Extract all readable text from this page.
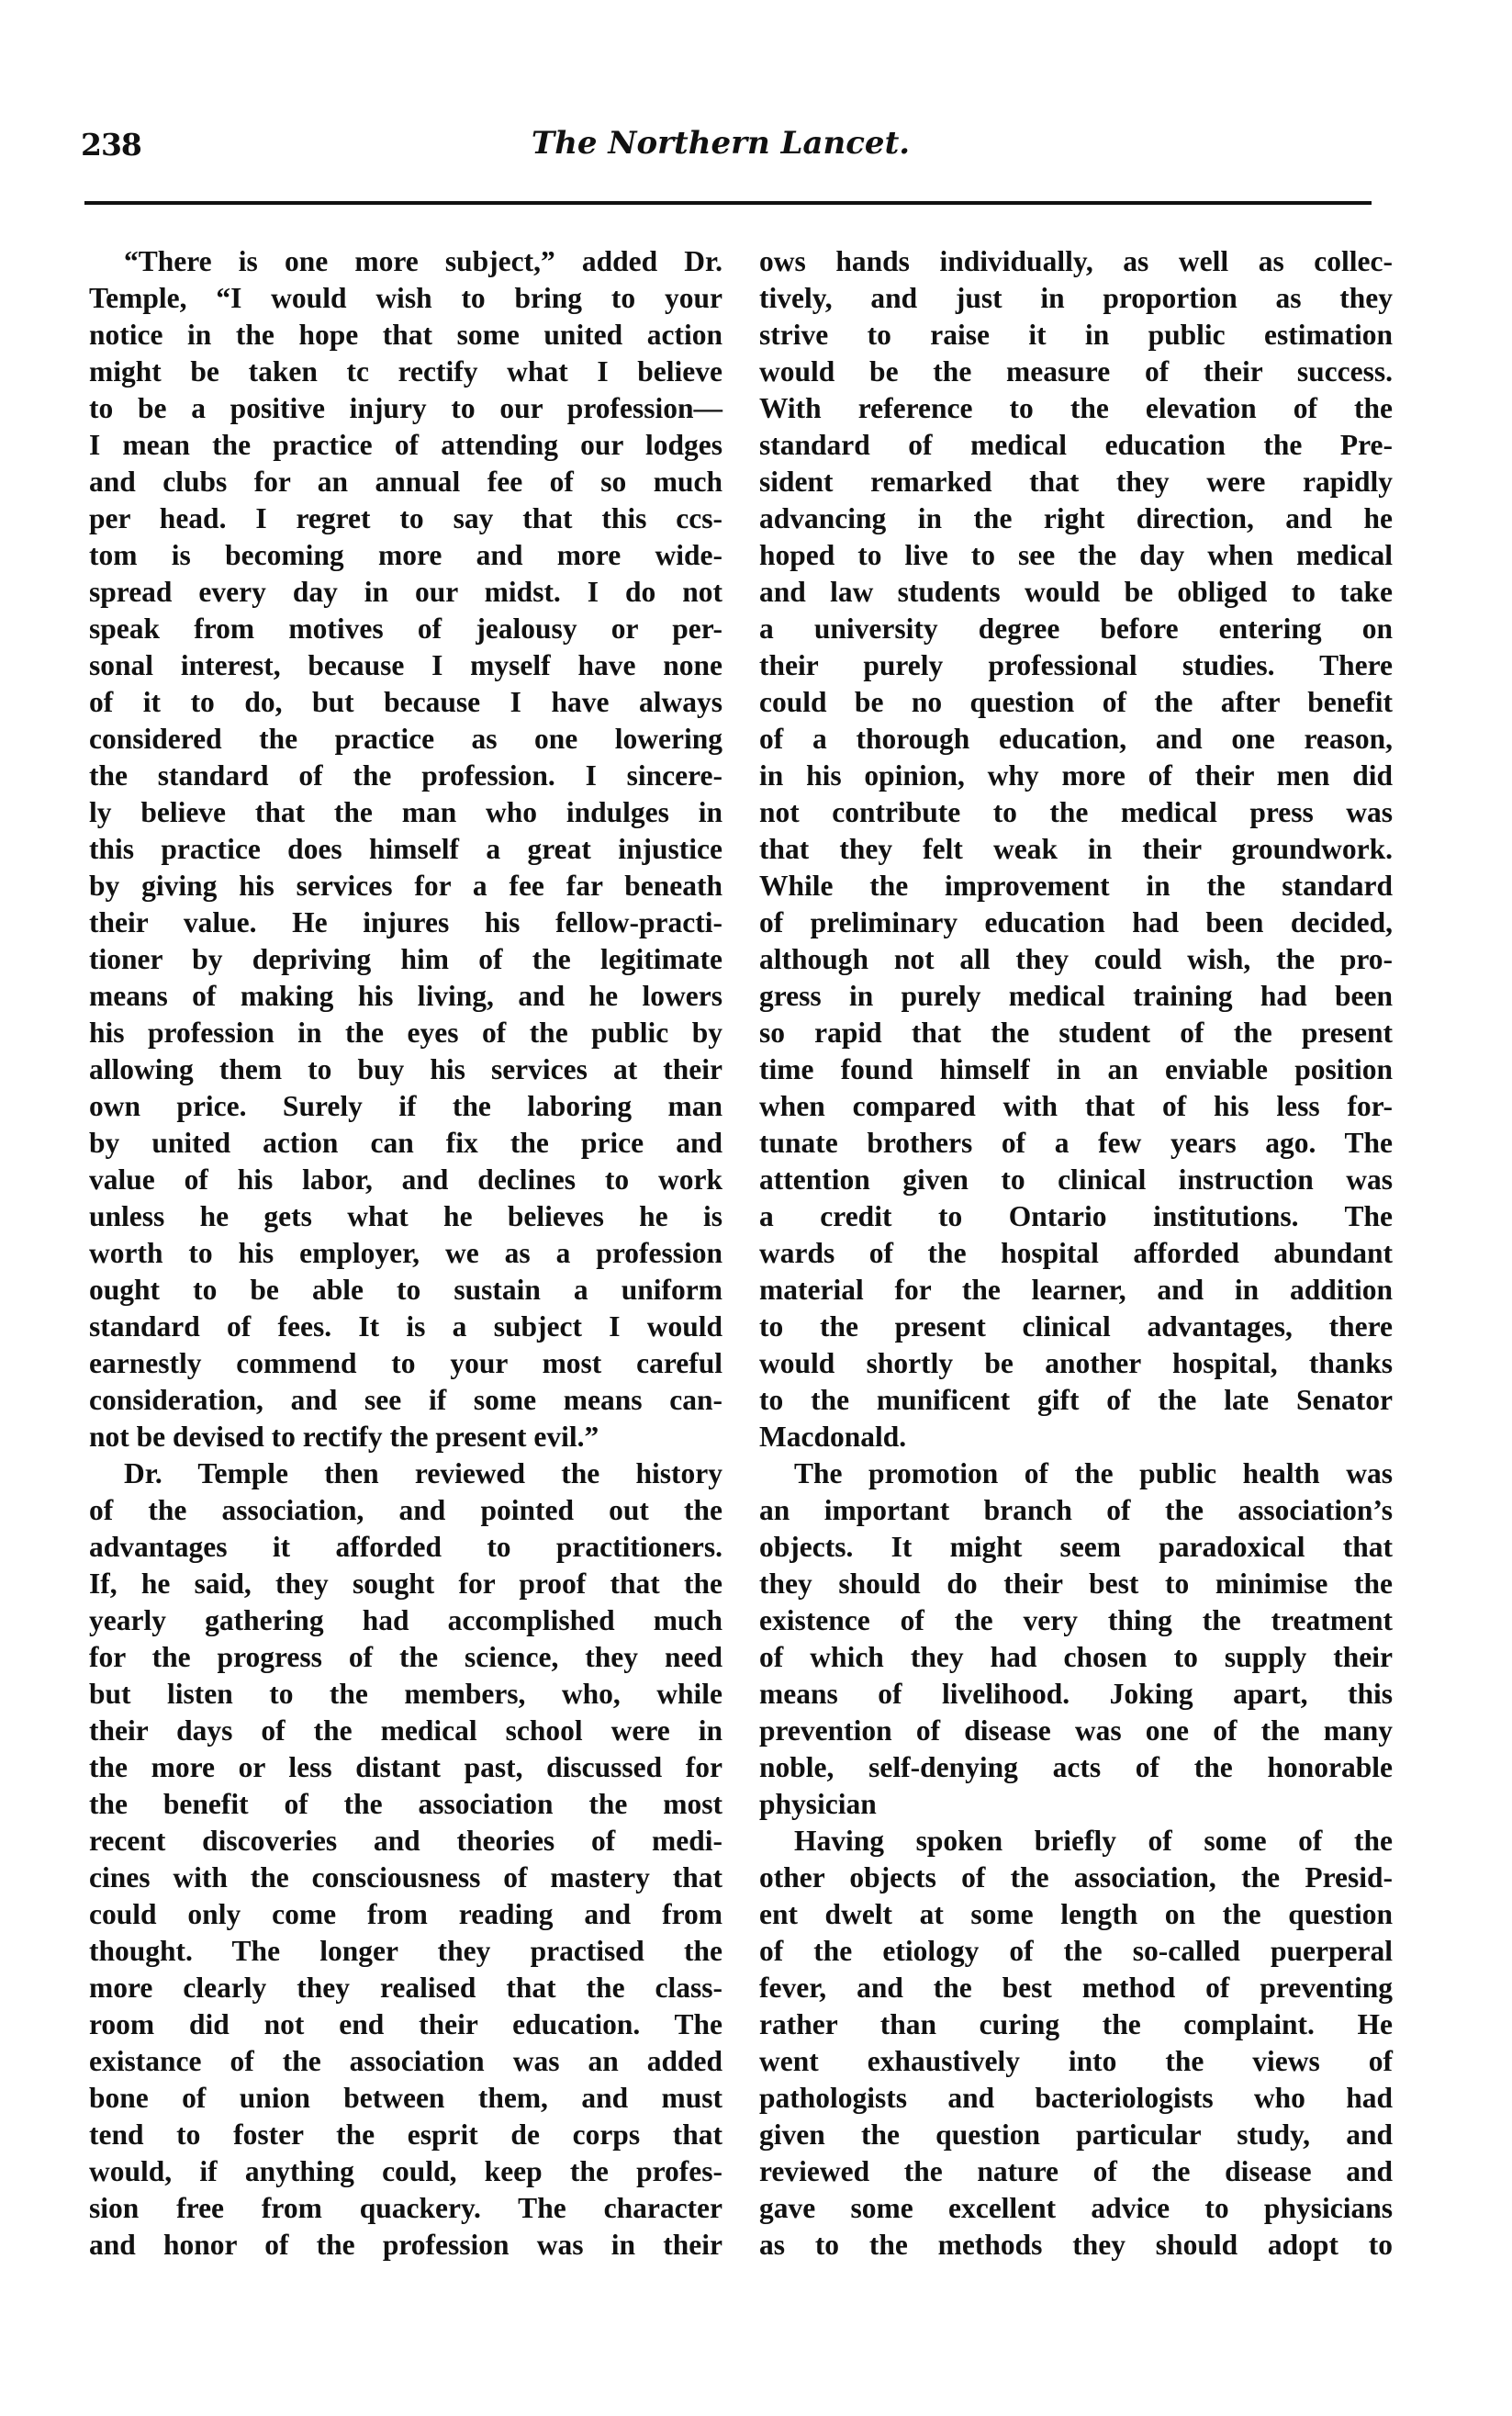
238	The Northern Lancet.
“There is one more subject,” added Dr.
Temple, “I would wish to bring to your
notice in the hope that some united action
might be taken tc rectify what I believe
to be a positive injury to our profession—
I mean the practice of attending our lodges
and clubs for an annual fee of so much
per head. I regret to say that this ccs-
tom is becoming more and more wide-
spread every day in our midst. I do not
speak from motives of jealousy or per-
sonal interest, because I myself have none
of it to do, but because I have always
considered the practice as one lowering
the standard of the profession. I sincere-
ly believe that the man who indulges in
this practice does himself a great injustice
by giving his services for a fee far beneath
their value. He injures his fellow-practi-
tioner by depriving him of the legitimate
means of making his living, and he lowers
his profession in the eyes of the public by
allowing them to buy his services at their
own price. Surely if the laboring man
by united action can fix the price and
value of his labor, and declines to work
unless he gets what he believes he is
worth to his employer, we as a profession
ought to be able to sustain a uniform
standard of fees. It is a subject I would
earnestly commend to your most careful
consideration, and see if some means can-
not be devised to rectify the present evil.”
Dr. Temple then reviewed the history
of the association, and pointed out the
advantages it afforded to practitioners.
If, he said, they sought for proof that the
yearly gathering had accomplished much
for the progress of the science, they need
but listen to the members, who, while
their days of the medical school were in
the more or less distant past, discussed for
the benefit of the association the most
recent discoveries and theories of medi-
cines with the consciousness of mastery that
could only come from reading and from
thought. The longer they practised the
more clearly they realised that the class-
room did not end their education. The
existance of the association was an added
bone of union between them, and must
tend to foster the esprit de corps that
would, if anything could, keep the profes-
sion free from quackery. The character
and honor of the profession was in their
ows hands individually, as well as collec-
tively, and just in proportion as they
strive to raise it in public estimation
would be the measure of their success.
With reference to the elevation of the
standard of medical education the Pre-
sident remarked that they were rapidly
advancing in the right direction, and he
hoped to live to see the day when medical
and law students would be obliged to take
a university degree before entering on
their purely professional studies. There
could be no question of the after benefit
of a thorough education, and one reason,
in his opinion, why more of their men did
not contribute to the medical press was
that they felt weak in their groundwork.
While the improvement in the standard
of preliminary education had been decided,
although not all they could wish, the pro-
gress in purely medical training had been
so rapid that the student of the present
time found himself in an enviable position
when compared with that of his less for-
tunate brothers of a few years ago. The
attention given to clinical instruction was
a credit to Ontario institutions. The
wards of the hospital afforded abundant
material for the learner, and in addition
to the present clinical advantages, there
would shortly be another hospital, thanks
to the munificent gift of the late Senator
Macdonald.
The promotion of the public health was
an important branch of the association’s
objects. It might seem paradoxical that
they should do their best to minimise the
existence of the very thing the treatment
of which they had chosen to supply their
means of livelihood. Joking apart, this
prevention of disease was one of the many
noble, self-denying acts of the honorable
physician
Having spoken briefly of some of the
other objects of the association, the Presid-
ent dwelt at some length on the question
of the etiology of the so-called puerperal
fever, and the best method of preventing
rather than curing the complaint. He
went exhaustively into the views of
pathologists and bacteriologists who had
given the question particular study, and
reviewed the nature of the disease and
gave some excellent advice to physicians
as to the methods they should adopt to
